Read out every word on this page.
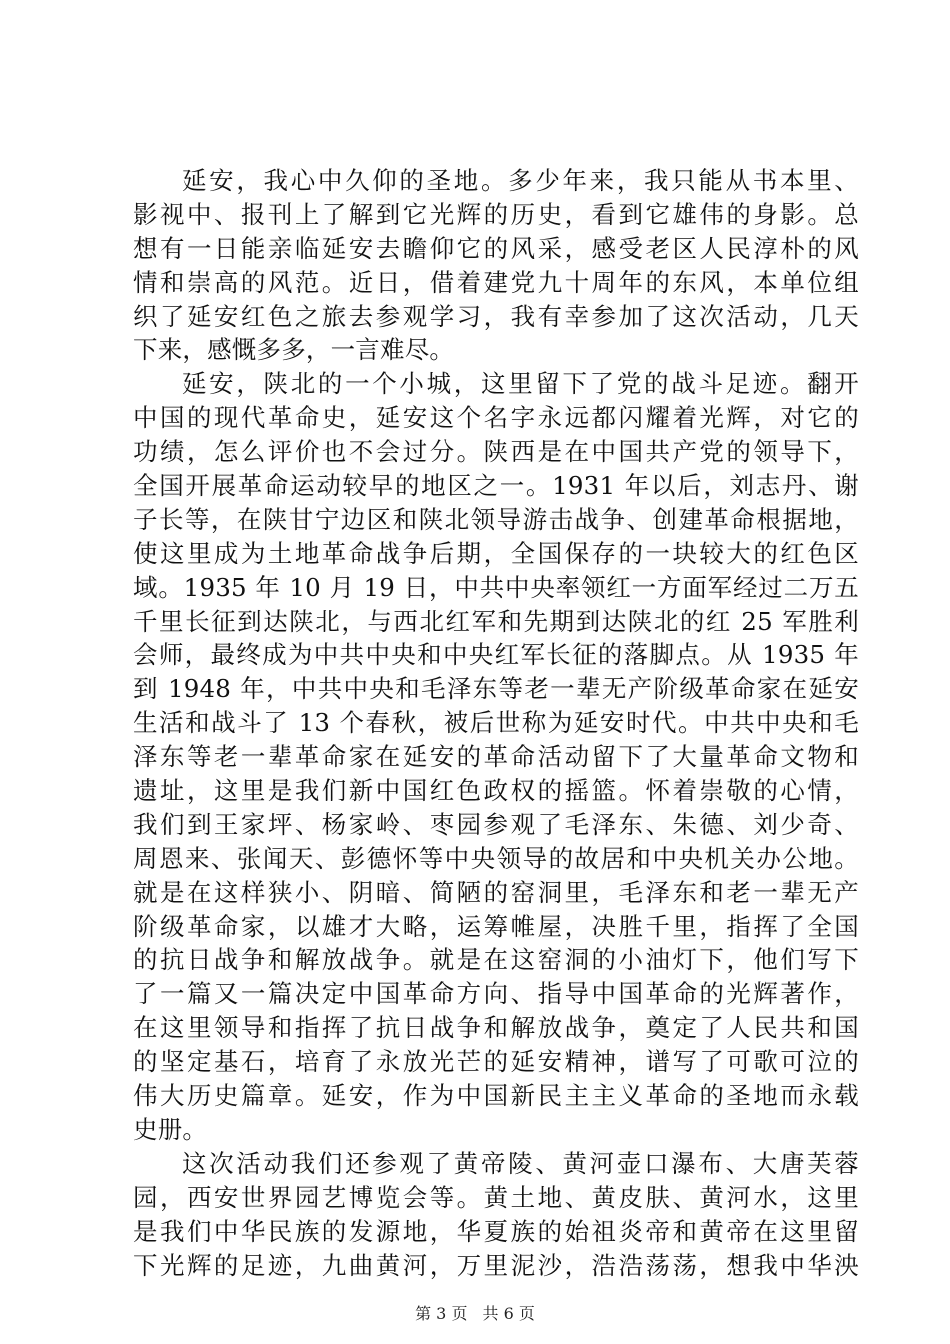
延安，我心中久仰的圣地。多少年来，我只能从书本里、
影视中、报刊上了解到它光辉的历史，看到它雄伟的身影。总
想有一日能亲临延安去瞻仰它的风采，感受老区人民淳朴的风
情和崇高的风范。近日，借着建党九十周年的东风，本单位组
织了延安红色之旅去参观学习，我有幸参加了这次活动，几天
下来，感慨多多，一言难尽。
延安，陕北的一个小城，这里留下了党的战斗足迹。翻开
中国的现代革命史，延安这个名字永远都闪耀着光辉，对它的
功绩，怎么评价也不会过分。陕西是在中国共产党的领导下，
全国开展革命运动较早的地区之一。1931 年以后，刘志丹、谢
子长等，在陕甘宁边区和陕北领导游击战争、创建革命根据地，
使这里成为土地革命战争后期，全国保存的一块较大的红色区
域。1935 年 10 月 19 日，中共中央率领红一方面军经过二万五
千里长征到达陕北，与西北红军和先期到达陕北的红 25 军胜利
会师，最终成为中共中央和中央红军长征的落脚点。从 1935 年
到 1948 年，中共中央和毛泽东等老一辈无产阶级革命家在延安
生活和战斗了 13 个春秋，被后世称为延安时代。中共中央和毛
泽东等老一辈革命家在延安的革命活动留下了大量革命文物和
遗址，这里是我们新中国红色政权的摇篮。怀着崇敬的心情，
我们到王家坪、杨家岭、枣园参观了毛泽东、朱德、刘少奇、
周恩来、张闻天、彭德怀等中央领导的故居和中央机关办公地。
就是在这样狭小、阴暗、简陋的窑洞里，毛泽东和老一辈无产
阶级革命家，以雄才大略，运筹帷屋，决胜千里，指挥了全国
的抗日战争和解放战争。就是在这窑洞的小油灯下，他们写下
了一篇又一篇决定中国革命方向、指导中国革命的光辉著作，
在这里领导和指挥了抗日战争和解放战争，奠定了人民共和国
的坚定基石，培育了永放光芒的延安精神，谱写了可歌可泣的
伟大历史篇章。延安，作为中国新民主主义革命的圣地而永载
史册。
这次活动我们还参观了黄帝陵、黄河壶口瀑布、大唐芙蓉
园，西安世界园艺博览会等。黄土地、黄皮肤、黄河水，这里
是我们中华民族的发源地，华夏族的始祖炎帝和黄帝在这里留
下光辉的足迹，九曲黄河，万里泥沙，浩浩荡荡，想我中华泱
第 3 页 共 6 页
